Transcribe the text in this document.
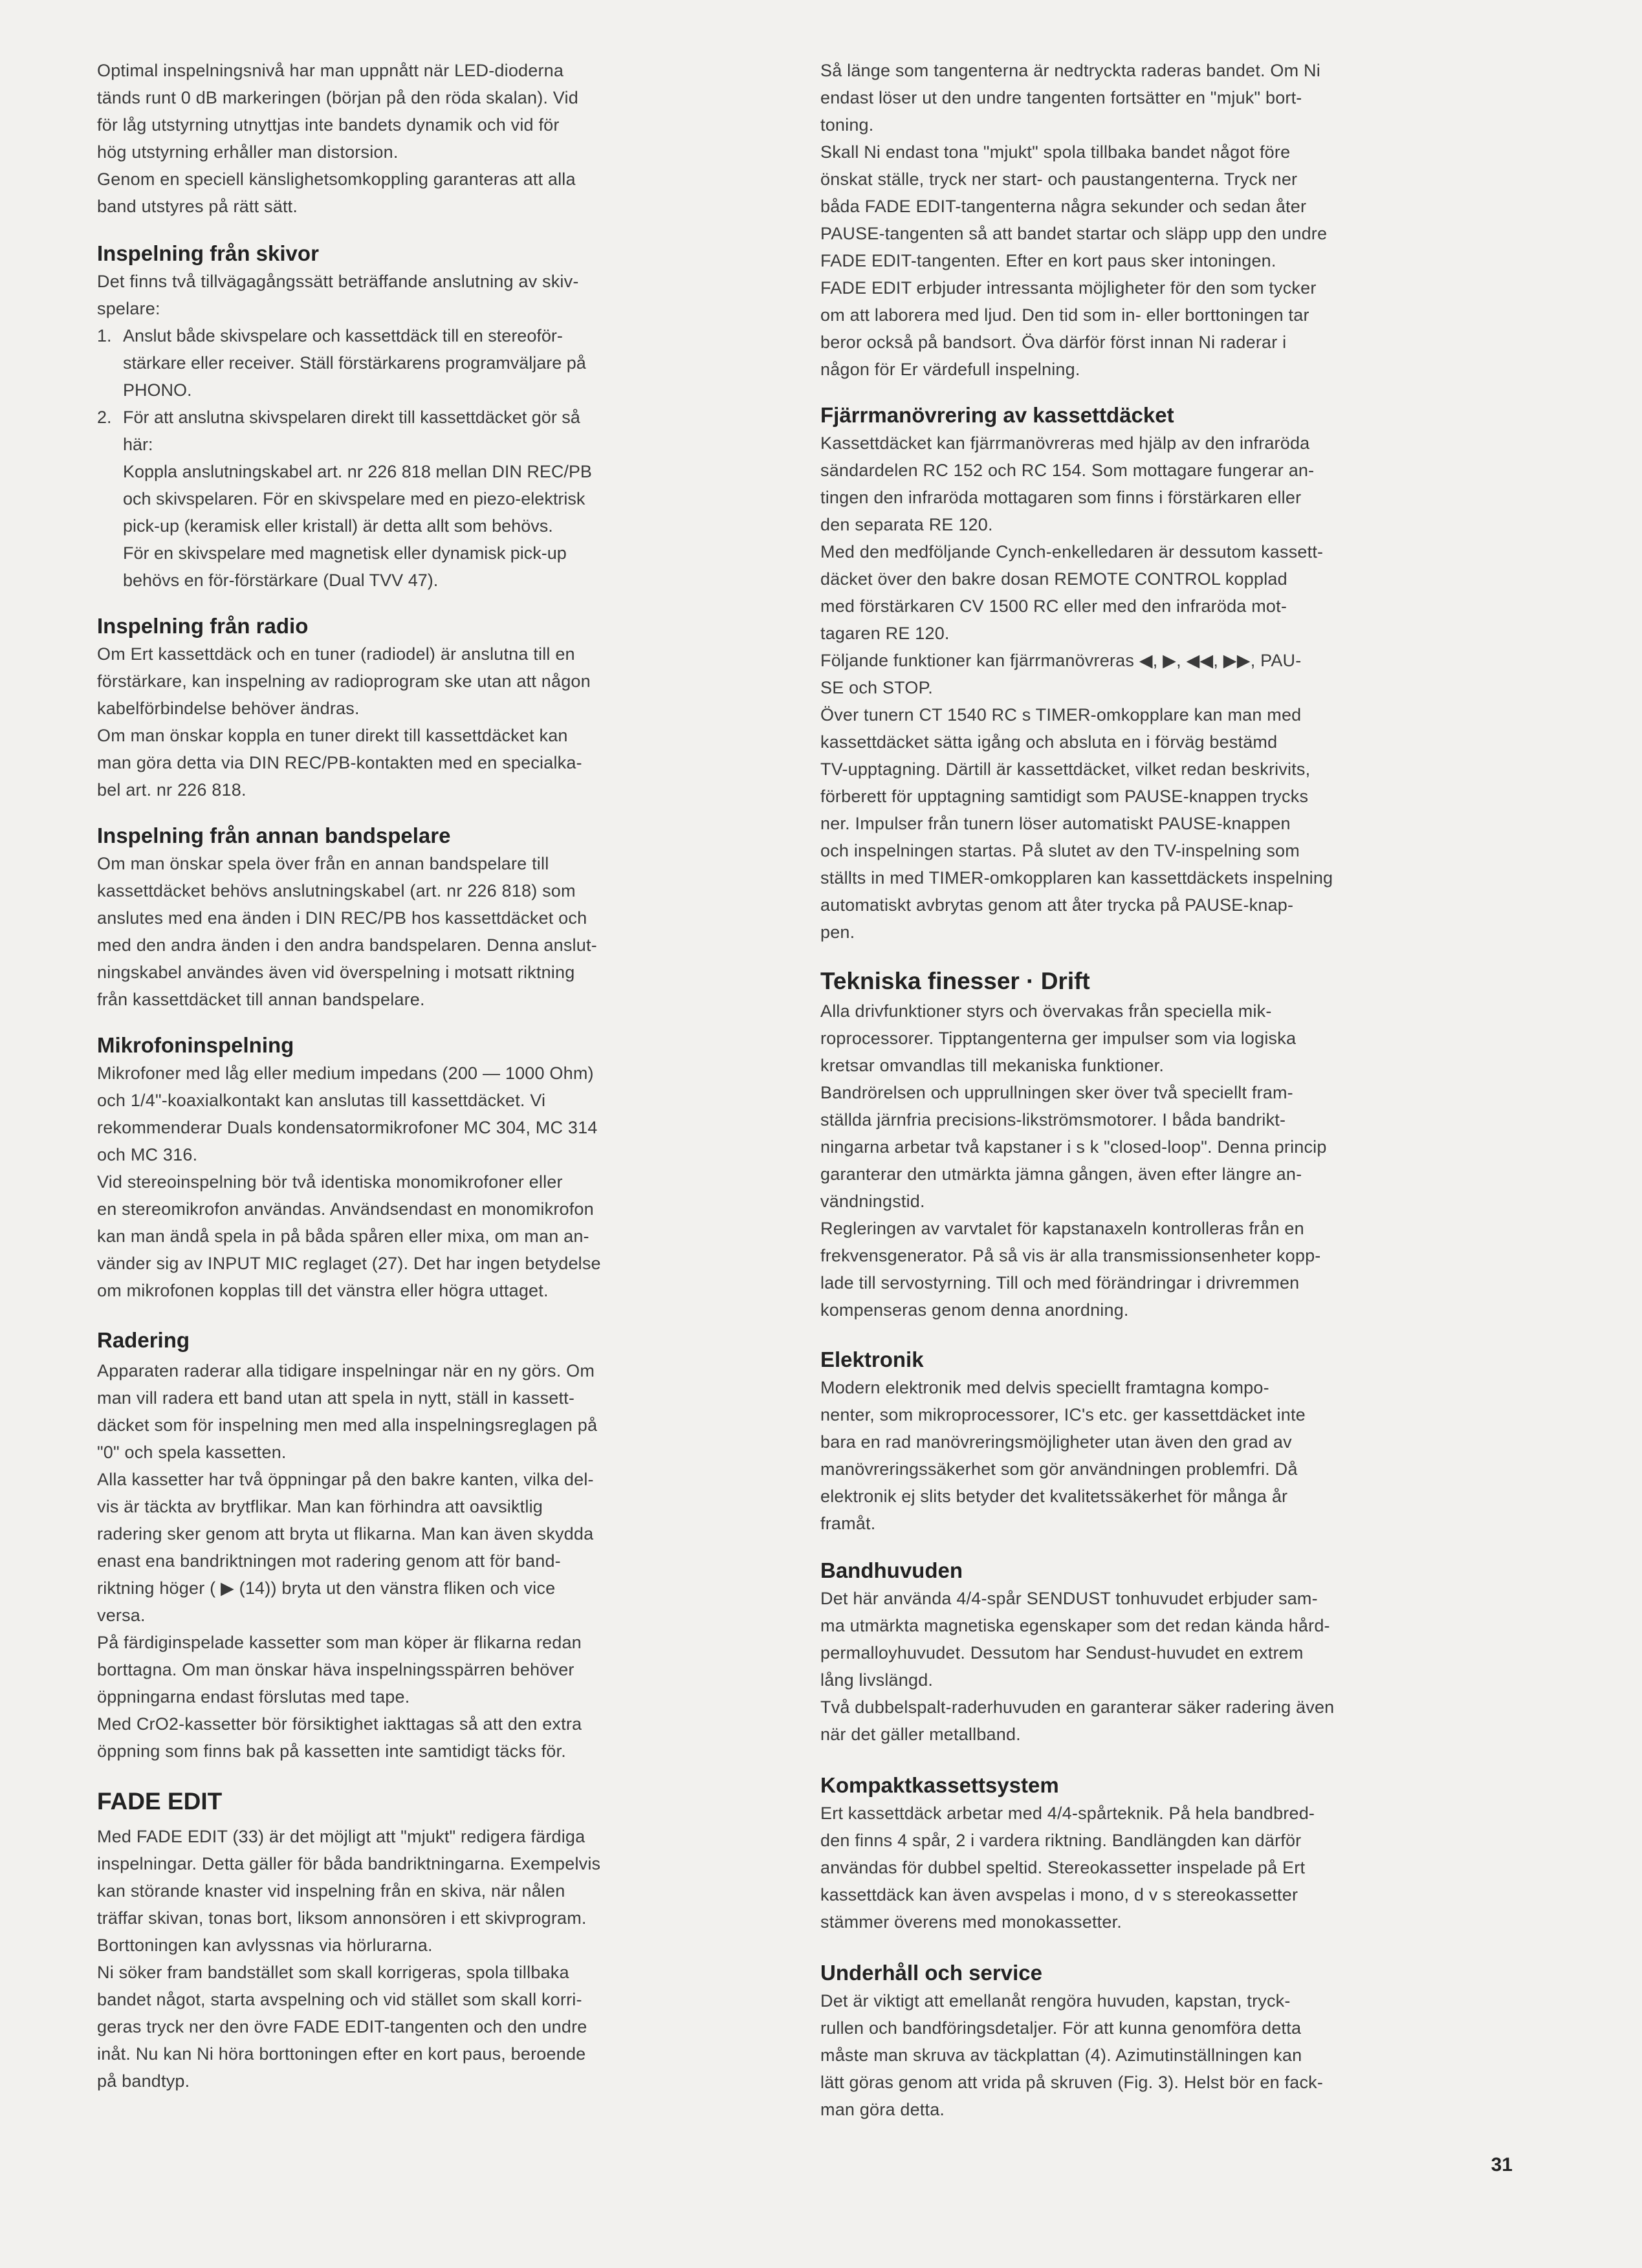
Optimal inspelningsnivå har man uppnått när LED-dioderna
tänds runt 0 dB markeringen (början på den röda skalan). Vid
för låg utstyrning utnyttjas inte bandets dynamik och vid för
hög utstyrning erhåller man distorsion.
Genom en speciell känslighetsomkoppling garanteras att alla
band utstyres på rätt sätt.

Inspelning från skivor

Det finns två tillvägagångssätt beträffande anslutning av skiv-
spelare:

1. Anslut både skivspelare och kassettdäck till en stereoför-
stärkare eller receiver. Ställ förstärkarens programväljare på
PHONO.
2. För att anslutna skivspelaren direkt till kassettdäcket gör så
här:
Koppla anslutningskabel art. nr 226 818 mellan DIN REC/PB
och skivspelaren. För en skivspelare med en piezo-elektrisk
pick-up (keramisk eller kristall) är detta allt som behövs.
För en skivspelare med magnetisk eller dynamisk pick-up
behövs en för-förstärkare (Dual TVV 47).
Inspelning från radio

Om Ert kassettdäck och en tuner (radiodel) är anslutna till en
förstärkare, kan inspelning av radioprogram ske utan att någon
kabelförbindelse behöver ändras.
Om man önskar koppla en tuner direkt till kassettdäcket kan
man göra detta via DIN REC/PB-kontakten med en specialka-
bel art. nr 226 818.

Inspelning från annan bandspelare

Om man önskar spela över från en annan bandspelare till
kassettdäcket behövs anslutningskabel (art. nr 226 818) som
anslutes med ena änden i DIN REC/PB hos kassettdäcket och
med den andra änden i den andra bandspelaren. Denna anslut-
ningskabel användes även vid överspelning i motsatt riktning
från kassettdäcket till annan bandspelare.

Mikrofoninspelning

Mikrofoner med låg eller medium impedans (200 — 1000 Ohm)
och 1/4"-koaxialkontakt kan anslutas till kassettdäcket. Vi
rekommenderar Duals kondensatormikrofoner MC 304, MC 314
och MC 316.
Vid stereoinspelning bör två identiska monomikrofoner eller
en stereomikrofon användas. Användsendast en monomikrofon
kan man ändå spela in på båda spåren eller mixa, om man an-
vänder sig av INPUT MIC reglaget (27). Det har ingen betydelse
om mikrofonen kopplas till det vänstra eller högra uttaget.

Radering

Apparaten raderar alla tidigare inspelningar när en ny görs. Om
man vill radera ett band utan att spela in nytt, ställ in kassett-
däcket som för inspelning men med alla inspelningsreglagen på
"0" och spela kassetten.
Alla kassetter har två öppningar på den bakre kanten, vilka del-
vis är täckta av brytflikar. Man kan förhindra att oavsiktlig
radering sker genom att bryta ut flikarna. Man kan även skydda
enast ena bandriktningen mot radering genom att för band-
riktning höger ( ▶ (14)) bryta ut den vänstra fliken och vice
versa.
På färdiginspelade kassetter som man köper är flikarna redan
borttagna. Om man önskar häva inspelningsspärren behöver
öppningarna endast förslutas med tape.
Med CrO2-kassetter bör försiktighet iakttagas så att den extra
öppning som finns bak på kassetten inte samtidigt täcks för.

FADE EDIT

Med FADE EDIT (33) är det möjligt att "mjukt" redigera färdiga
inspelningar. Detta gäller för båda bandriktningarna. Exempelvis
kan störande knaster vid inspelning från en skiva, när nålen
träffar skivan, tonas bort, liksom annonsören i ett skivprogram.
Borttoningen kan avlyssnas via hörlurarna.
Ni söker fram bandstället som skall korrigeras, spola tillbaka
bandet något, starta avspelning och vid stället som skall korri-
geras tryck ner den övre FADE EDIT-tangenten och den undre
inåt. Nu kan Ni höra borttoningen efter en kort paus, beroende
på bandtyp.

Så länge som tangenterna är nedtryckta raderas bandet. Om Ni
endast löser ut den undre tangenten fortsätter en "mjuk" bort-
toning.
Skall Ni endast tona "mjukt" spola tillbaka bandet något före
önskat ställe, tryck ner start- och paustangenterna. Tryck ner
båda FADE EDIT-tangenterna några sekunder och sedan åter
PAUSE-tangenten så att bandet startar och släpp upp den undre
FADE EDIT-tangenten. Efter en kort paus sker intoningen.
FADE EDIT erbjuder intressanta möjligheter för den som tycker
om att laborera med ljud. Den tid som in- eller borttoningen tar
beror också på bandsort. Öva därför först innan Ni raderar i
någon för Er värdefull inspelning.

Fjärrmanövrering av kassettdäcket

Kassettdäcket kan fjärrmanövreras med hjälp av den infraröda
sändardelen RC 152 och RC 154. Som mottagare fungerar an-
tingen den infraröda mottagaren som finns i förstärkaren eller
den separata RE 120.
Med den medföljande Cynch-enkelledaren är dessutom kassett-
däcket över den bakre dosan REMOTE CONTROL kopplad
med förstärkaren CV 1500 RC eller med den infraröda mot-
tagaren RE 120.
Följande funktioner kan fjärrmanövreras ◀, ▶, ◀◀, ▶▶, PAU-
SE och STOP.
Över tunern CT 1540 RC s TIMER-omkopplare kan man med
kassettdäcket sätta igång och absluta en i förväg bestämd
TV-upptagning. Därtill är kassettdäcket, vilket redan beskrivits,
förberett för upptagning samtidigt som PAUSE-knappen trycks
ner. Impulser från tunern löser automatiskt PAUSE-knappen
och inspelningen startas. På slutet av den TV-inspelning som
ställts in med TIMER-omkopplaren kan kassettdäckets inspelning
automatiskt avbrytas genom att åter trycka på PAUSE-knap-
pen.

Tekniska finesser · Drift

Alla drivfunktioner styrs och övervakas från speciella mik-
roprocessorer. Tipptangenterna ger impulser som via logiska
kretsar omvandlas till mekaniska funktioner.
Bandrörelsen och upprullningen sker över två speciellt fram-
ställda järnfria precisions-likströmsmotorer. I båda bandrikt-
ningarna arbetar två kapstaner i s k "closed-loop". Denna princip
garanterar den utmärkta jämna gången, även efter längre an-
vändningstid.
Regleringen av varvtalet för kapstanaxeln kontrolleras från en
frekvensgenerator. På så vis är alla transmissionsenheter kopp-
lade till servostyrning. Till och med förändringar i drivremmen
kompenseras genom denna anordning.

Elektronik

Modern elektronik med delvis speciellt framtagna kompo-
nenter, som mikroprocessorer, IC's etc. ger kassettdäcket inte
bara en rad manövreringsmöjligheter utan även den grad av
manövreringssäkerhet som gör användningen problemfri. Då
elektronik ej slits betyder det kvalitetssäkerhet för många år
framåt.

Bandhuvuden

Det här använda 4/4-spår SENDUST tonhuvudet erbjuder sam-
ma utmärkta magnetiska egenskaper som det redan kända hård-
permalloyhuvudet. Dessutom har Sendust-huvudet en extrem
lång livslängd.
Två dubbelspalt-raderhuvuden en garanterar säker radering även
när det gäller metallband.

Kompaktkassettsystem

Ert kassettdäck arbetar med 4/4-spårteknik. På hela bandbred-
den finns 4 spår, 2 i vardera riktning. Bandlängden kan därför
användas för dubbel speltid. Stereokassetter inspelade på Ert
kassettdäck kan även avspelas i mono, d v s stereokassetter
stämmer överens med monokassetter.

Underhåll och service

Det är viktigt att emellanåt rengöra huvuden, kapstan, tryck-
rullen och bandföringsdetaljer. För att kunna genomföra detta
måste man skruva av täckplattan (4). Azimutinställningen kan
lätt göras genom att vrida på skruven (Fig. 3). Helst bör en fack-
man göra detta.

31
